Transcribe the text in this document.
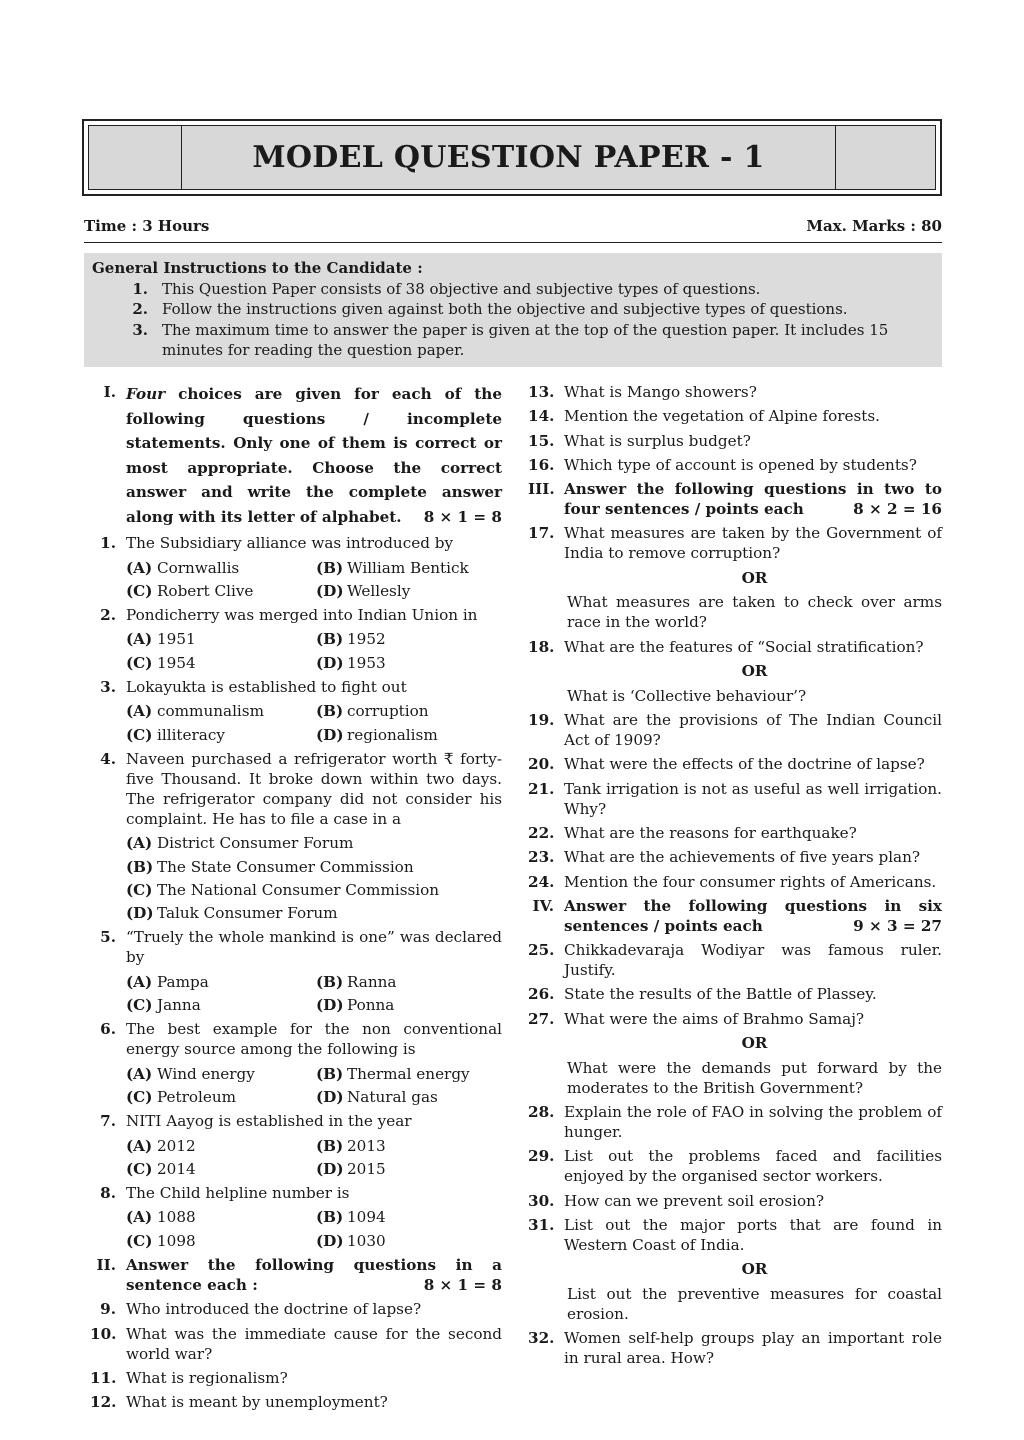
MODEL QUESTION PAPER - 1
Time : 3 Hours	Max. Marks : 80
General Instructions to the Candidate :
1. This Question Paper consists of 38 objective and subjective types of questions.
2. Follow the instructions given against both the objective and subjective types of questions.
3. The maximum time to answer the paper is given at the top of the question paper. It includes 15 minutes for reading the question paper.
I. Four choices are given for each of the following questions / incomplete statements. Only one of them is correct or most appropriate. Choose the correct answer and write the complete answer along with its letter of alphabet. 8 × 1 = 8
1. The Subsidiary alliance was introduced by
(A) Cornwallis	(B) William Bentick
(C) Robert Clive	(D) Wellesly
2. Pondicherry was merged into Indian Union in
(A) 1951	(B) 1952
(C) 1954	(D) 1953
3. Lokayukta is established to fight out
(A) communalism	(B) corruption
(C) illiteracy	(D) regionalism
4. Naveen purchased a refrigerator worth ₹ forty-five Thousand. It broke down within two days. The refrigerator company did not consider his complaint. He has to file a case in a
(A) District Consumer Forum
(B) The State Consumer Commission
(C) The National Consumer Commission
(D) Taluk Consumer Forum
5. “Truely the whole mankind is one” was declared by
(A) Pampa	(B) Ranna
(C) Janna	(D) Ponna
6. The best example for the non conventional energy source among the following is
(A) Wind energy	(B) Thermal energy
(C) Petroleum	(D) Natural gas
7. NITI Aayog is established in the year
(A) 2012	(B) 2013
(C) 2014	(D) 2015
8. The Child helpline number is
(A) 1088	(B) 1094
(C) 1098	(D) 1030
II. Answer the following questions in a sentence each :	8 × 1 = 8
9. Who introduced the doctrine of lapse?
10. What was the immediate cause for the second world war?
11. What is regionalism?
12. What is meant by unemployment?
13. What is Mango showers?
14. Mention the vegetation of Alpine forests.
15. What is surplus budget?
16. Which type of account is opened by students?
III. Answer the following questions in two to four sentences / points each	8 × 2 = 16
17. What measures are taken by the Government of India to remove corruption?
OR
What measures are taken to check over arms race in the world?
18. What are the features of “Social stratification?
OR
What is ‘Collective behaviour’?
19. What are the provisions of The Indian Council Act of 1909?
20. What were the effects of the doctrine of lapse?
21. Tank irrigation is not as useful as well irrigation. Why?
22. What are the reasons for earthquake?
23. What are the achievements of five years plan?
24. Mention the four consumer rights of Americans.
IV. Answer the following questions in six sentences / points each	9 × 3 = 27
25. Chikkadevaraja Wodiyar was famous ruler. Justify.
26. State the results of the Battle of Plassey.
27. What were the aims of Brahmo Samaj?
OR
What were the demands put forward by the moderates to the British Government?
28. Explain the role of FAO in solving the problem of hunger.
29. List out the problems faced and facilities enjoyed by the organised sector workers.
30. How can we prevent soil erosion?
31. List out the major ports that are found in Western Coast of India.
OR
List out the preventive measures for coastal erosion.
32. Women self-help groups play an important role in rural area. How?
